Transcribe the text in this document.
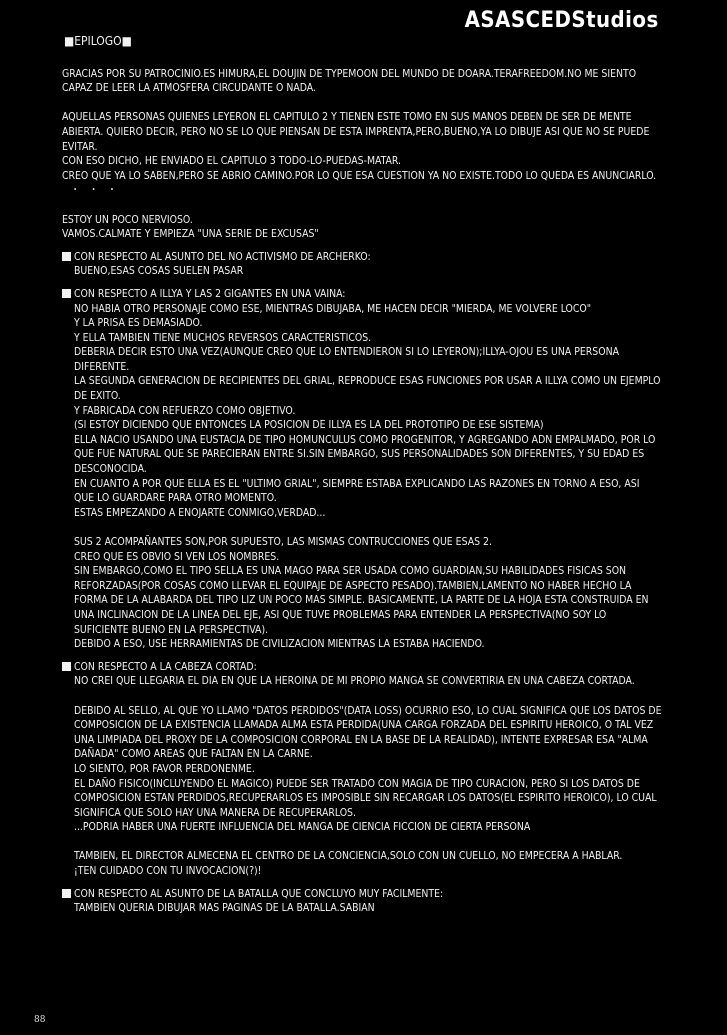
ASASCEDStudios
■EPILOGO■

GRACIAS POR SU PATROCINIO.ES HIMURA,EL DOUJIN DE TYPEMOON DEL MUNDO DE DOARA.TERAFREEDOM.NO ME SIENTO CAPAZ DE LEER LA ATMOSFERA CIRCUDANTE O NADA.

AQUELLAS PERSONAS QUIENES LEYERON EL CAPITULO 2 Y TIENEN ESTE TOMO EN SUS MANOS DEBEN DE SER DE MENTE ABIERTA. QUIERO DECIR, PERO NO SE LO QUE PIENSAN DE ESTA IMPRENTA,PERO,BUENO,YA LO DIBUJE ASI QUE NO SE PUEDE EVITAR.

CON ESO DICHO, HE ENVIADO EL CAPITULO 3 TODO-LO-PUEDAS-MATAR.

CREO QUE YA LO SABEN,PERO SE ABRIO CAMINO.POR LO QUE ESA CUESTION YA NO EXISTE.TODO LO QUEDA ES ANUNCIARLO.

・・・

ESTOY UN POCO NERVIOSO.

VAMOS.CALMATE Y EMPIEZA "UNA SERIE DE EXCUSAS"

CON RESPECTO AL ASUNTO DEL NO ACTIVISMO DE ARCHERKO:

BUENO,ESAS COSAS SUELEN PASAR

CON RESPECTO A ILLYA Y LAS 2 GIGANTES EN UNA VAINA:

NO HABIA OTRO PERSONAJE COMO ESE, MIENTRAS DIBUJABA, ME HACEN DECIR "MIERDA, ME VOLVERE LOCO"

Y LA PRISA ES DEMASIADO.

Y ELLA TAMBIEN TIENE MUCHOS REVERSOS CARACTERISTICOS.

DEBERIA DECIR ESTO UNA VEZ(AUNQUE CREO QUE LO ENTENDIERON SI LO LEYERON);ILLYA-OJOU ES UNA PERSONA DIFERENTE.

LA SEGUNDA GENERACION DE RECIPIENTES DEL GRIAL, REPRODUCE ESAS FUNCIONES POR USAR A ILLYA COMO UN EJEMPLO DE EXITO.

Y FABRICADA CON REFUERZO COMO OBJETIVO.

(SI ESTOY DICIENDO QUE ENTONCES LA POSICION DE ILLYA ES LA DEL PROTOTIPO DE ESE SISTEMA)

ELLA NACIO USANDO UNA EUSTACIA DE TIPO HOMUNCULUS COMO PROGENITOR, Y AGREGANDO ADN EMPALMADO, POR LO QUE FUE NATURAL QUE SE PARECIERAN ENTRE SI.SIN EMBARGO, SUS PERSONALIDADES SON DIFERENTES, Y SU EDAD ES DESCONOCIDA.

EN CUANTO A POR QUE ELLA ES EL "ULTIMO GRIAL", SIEMPRE ESTABA EXPLICANDO LAS RAZONES EN TORNO A ESO, ASI QUE LO GUARDARE PARA OTRO MOMENTO.

ESTAS EMPEZANDO A ENOJARTE CONMIGO,VERDAD...

SUS 2 ACOMPAÑANTES SON,POR SUPUESTO, LAS MISMAS CONTRUCCIONES QUE ESAS 2.

CREO QUE ES OBVIO SI VEN LOS NOMBRES.

SIN EMBARGO,COMO EL TIPO SELLA ES UNA MAGO PARA SER USADA COMO GUARDIAN,SU HABILIDADES FISICAS SON REFORZADAS(POR COSAS COMO LLEVAR EL EQUIPAJE DE ASPECTO PESADO).TAMBIEN,LAMENTO NO HABER HECHO LA FORMA DE LA ALABARDA DEL TIPO LIZ UN POCO MAS SIMPLE. BASICAMENTE, LA PARTE DE LA HOJA ESTA CONSTRUIDA EN UNA INCLINACION DE LA LINEA DEL EJE, ASI QUE TUVE PROBLEMAS PARA ENTENDER LA PERSPECTIVA(NO SOY LO SUFICIENTE BUENO EN LA PERSPECTIVA).

DEBIDO A ESO, USE HERRAMIENTAS DE CIVILIZACION MIENTRAS LA ESTABA HACIENDO.

CON RESPECTO A LA CABEZA CORTAD:

NO CREI QUE LLEGARIA EL DIA EN QUE LA HEROINA DE MI PROPIO MANGA SE CONVERTIRIA EN UNA CABEZA CORTADA.

DEBIDO AL SELLO, AL QUE YO LLAMO "DATOS PERDIDOS"(DATA LOSS) OCURRIO ESO, LO CUAL SIGNIFICA QUE LOS DATOS DE COMPOSICION DE LA EXISTENCIA LLAMADA ALMA ESTA PERDIDA(UNA CARGA FORZADA DEL ESPIRITU HEROICO, O TAL VEZ UNA LIMPIADA DEL PROXY DE LA COMPOSICION CORPORAL EN LA BASE DE LA REALIDAD), INTENTE EXPRESAR ESA "ALMA DAÑADA" COMO AREAS QUE FALTAN EN LA CARNE.

LO SIENTO, POR FAVOR PERDONENME.

EL DAÑO FISICO(INCLUYENDO EL MAGICO) PUEDE SER TRATADO CON MAGIA DE TIPO CURACION, PERO SI LOS DATOS DE COMPOSICION ESTAN PERDIDOS,RECUPERARLOS ES IMPOSIBLE SIN RECARGAR LOS DATOS(EL ESPIRITO HEROICO), LO CUAL SIGNIFICA QUE SOLO HAY UNA MANERA DE RECUPERARLOS.

...PODRIA HABER UNA FUERTE INFLUENCIA DEL MANGA DE CIENCIA FICCION DE CIERTA PERSONA

TAMBIEN, EL DIRECTOR ALMECENA EL CENTRO DE LA CONCIENCIA,SOLO CON UN CUELLO, NO EMPECERA A HABLAR.

¡TEN CUIDADO CON TU INVOCACION(?)!

CON RESPECTO AL ASUNTO DE LA BATALLA QUE CONCLUYO MUY FACILMENTE:

TAMBIEN QUERIA DIBUJAR MAS PAGINAS DE LA BATALLA.SABIAN

88
